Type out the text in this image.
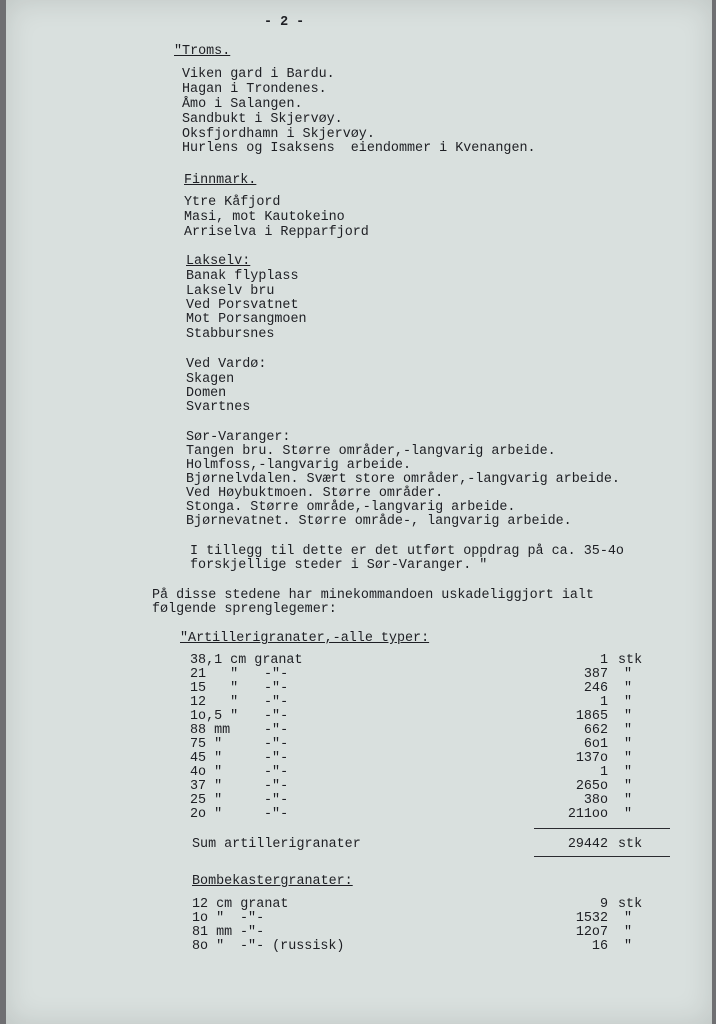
- 2 -
"Troms.
Viken gard i Bardu.
Hagan i Trondenes.
Åmo i Salangen.
Sandbukt i Skjervøy.
Oksfjordhamn i Skjervøy.
Hurlens og Isaksens  eiendommer i Kvenangen.
Finnmark.
Ytre Kåfjord
Masi, mot Kautokeino
Arriselva i Repparfjord
Lakselv:
Banak flyplass
Lakselv bru
Ved Porsvatnet
Mot Porsangmoen
Stabbursnes
Ved Vardø:
Skagen
Domen
Svartnes
Sør-Varanger:
Tangen bru. Større områder,-langvarig arbeide.
Holmfoss,-langvarig arbeide.
Bjørnelvdalen. Svært store områder,-langvarig arbeide.
Ved Høybuktmoen. Større områder.
Stonga. Større område,-langvarig arbeide.
Bjørnevatnet. Større område-, langvarig arbeide.
I tillegg til dette er det utført oppdrag på ca. 35-4o
forskjellige steder i Sør-Varanger. "
På disse stedene har minekommandoen uskadeliggjort ialt
følgende sprenglegemer:
"Artillerigranater,-alle typer:
38,1 cm granat	1 stk
21   " -"-	387 "
15   " -"-	246 "
12   " -"-	1 "
1o,5 " -"-	1865 "
88 mm	-"-	662 "
75 "	-"-	6o1 "
45 "	-"-	137o "
4o "	-"-	1 "
37 "	-"-	265o "
25 "	-"-	38o "
2o "	-"-	211oo "
Sum artillerigranater	29442 stk
Bombekastergranater:
12 cm granat	9 stk
1o " -"-	1532 "
81 mm -"-	12o7 "
8o " -"- (russisk)	16 "
